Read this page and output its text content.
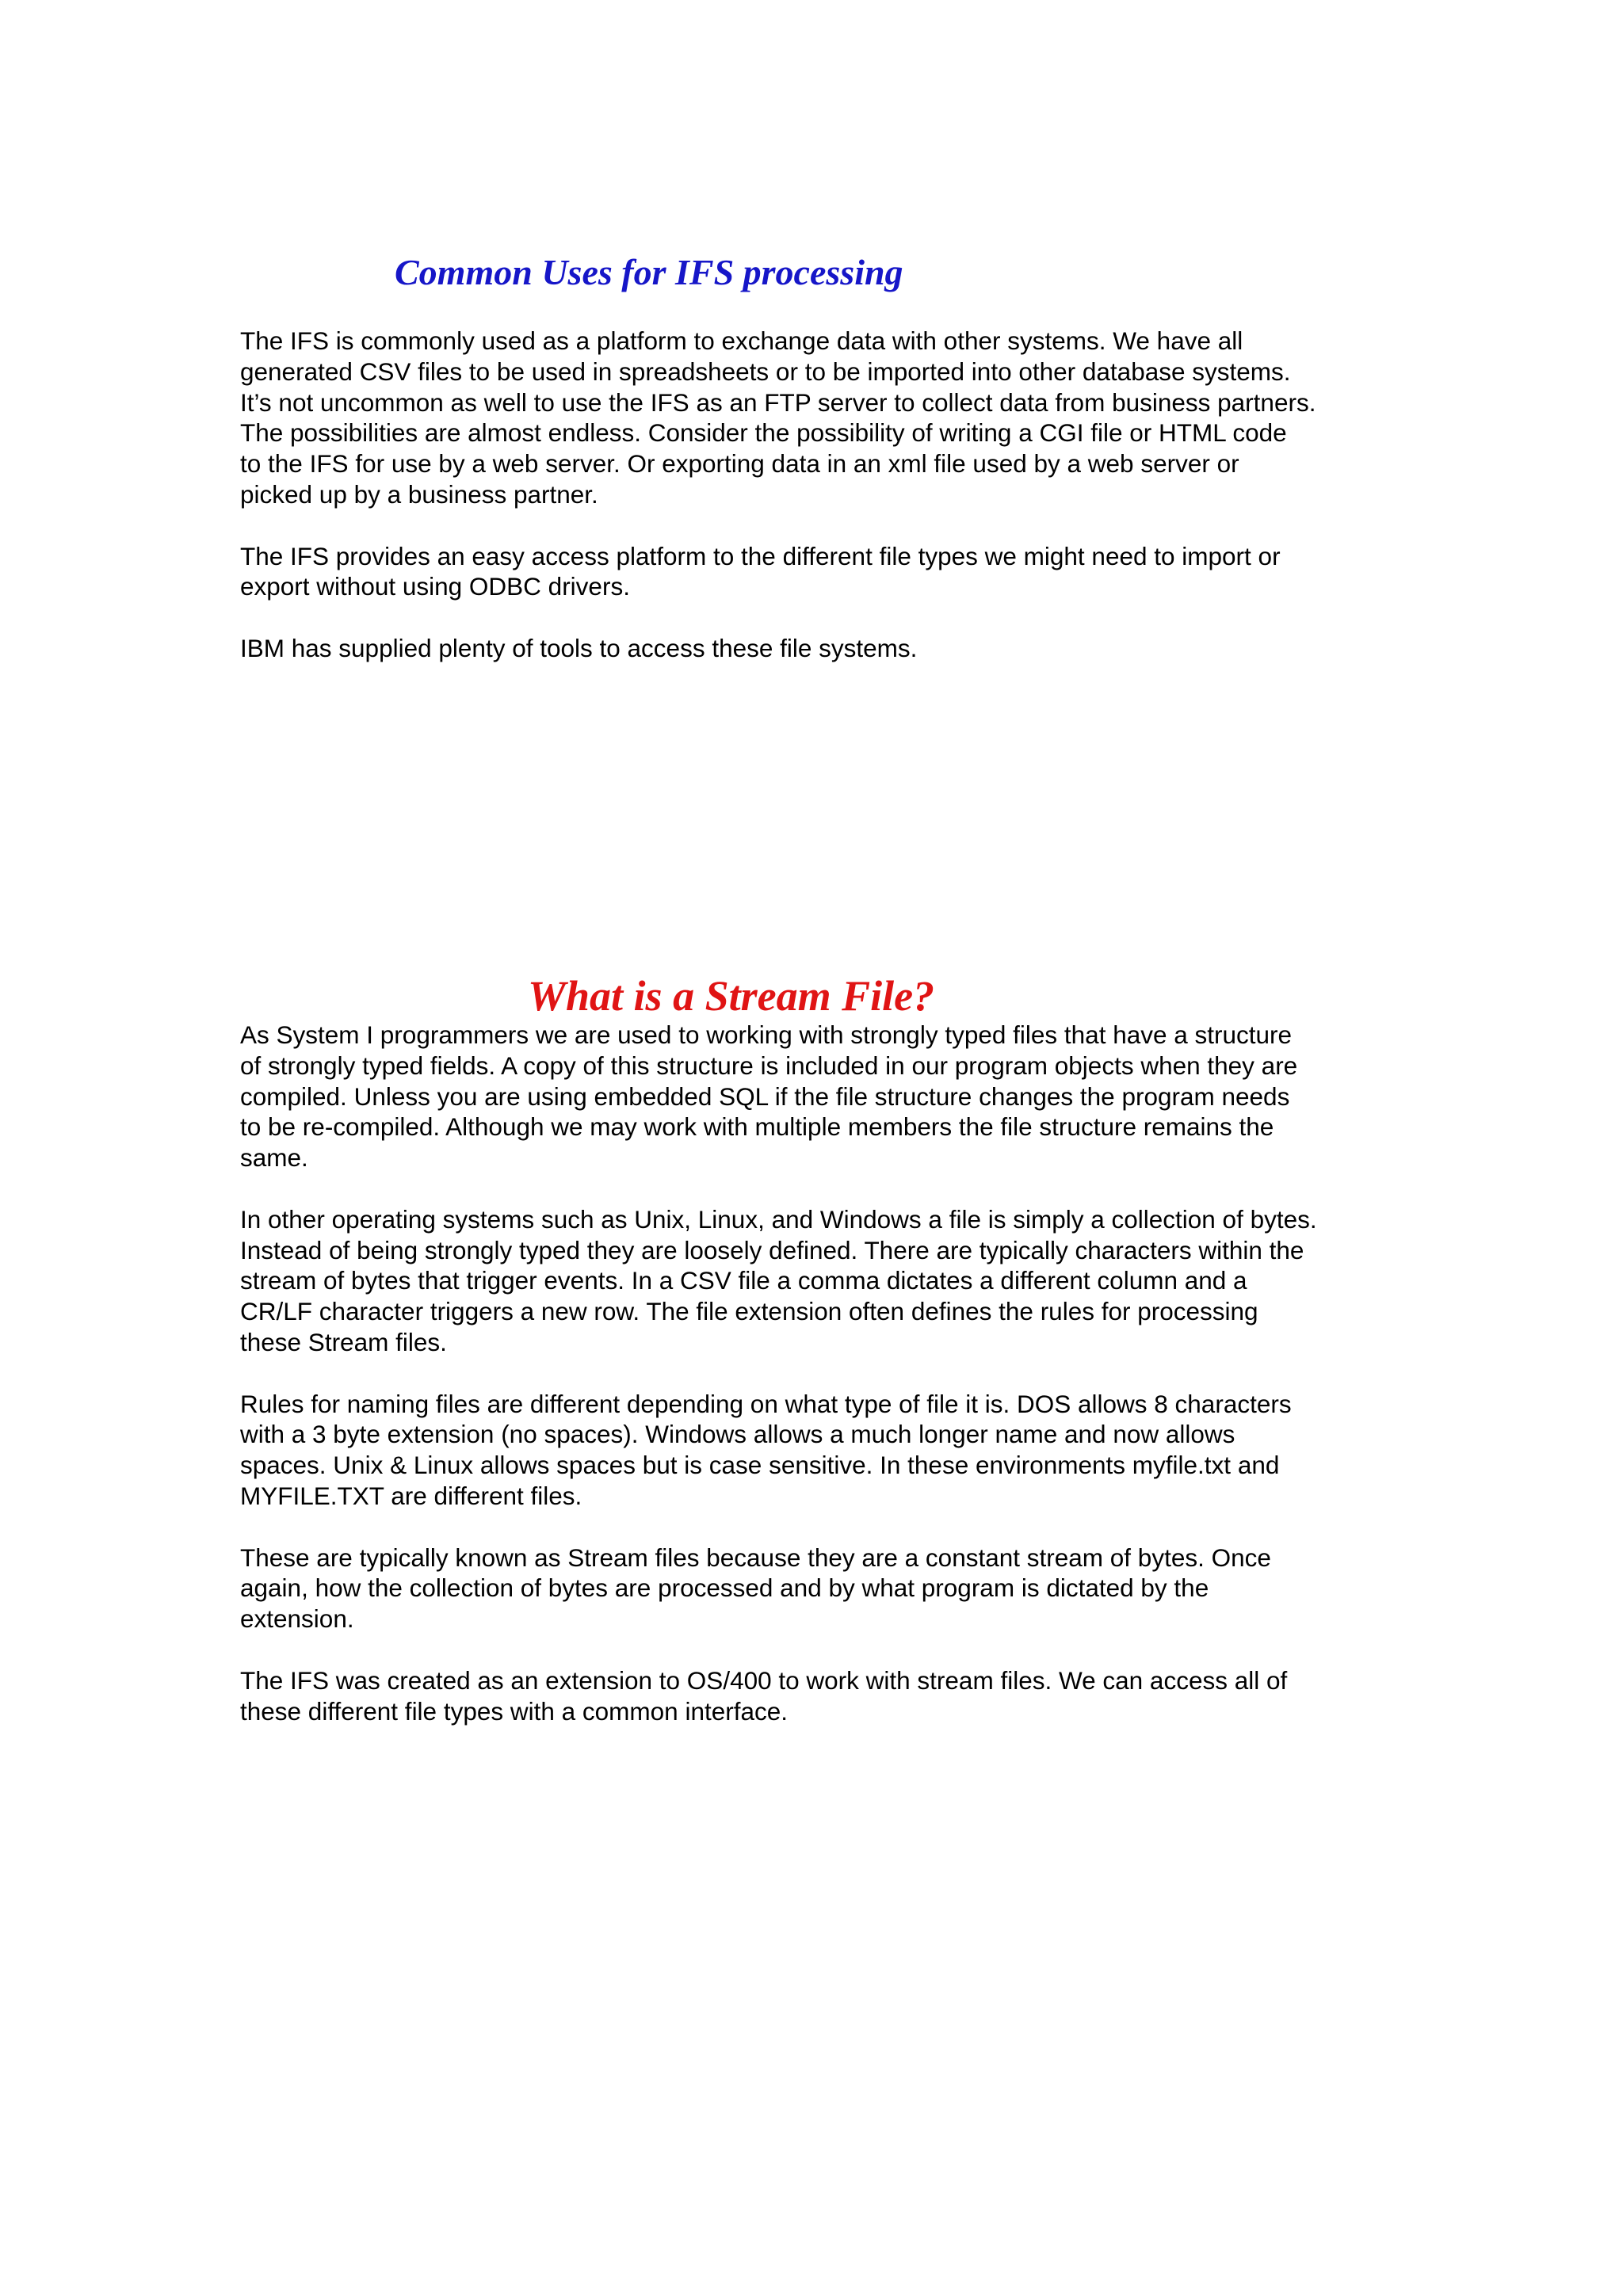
Common Uses for IFS processing

The IFS is commonly used as a platform to exchange data with other systems. We have all
generated CSV files to be used in spreadsheets or to be imported into other database systems.
It’s not uncommon as well to use the IFS as an FTP server to collect data from business partners.
The possibilities are almost endless. Consider the possibility of writing a CGI file or HTML code
to the IFS for use by a web server. Or exporting data in an xml file used by a web server or
picked up by a business partner.

The IFS provides an easy access platform to the different file types we might need to import or
export without using ODBC drivers.

IBM has supplied plenty of tools to access these file systems.

What is a Stream File?

As System I programmers we are used to working with strongly typed files that have a structure
of strongly typed fields. A copy of this structure is included in our program objects when they are
compiled. Unless you are using embedded SQL if the file structure changes the program needs
to be re-compiled. Although we may work with multiple members the file structure remains the
same.

In other operating systems such as Unix, Linux, and Windows a file is simply a collection of bytes.
Instead of being strongly typed they are loosely defined. There are typically characters within the
stream of bytes that trigger events. In a CSV file a comma dictates a different column and a
CR/LF character triggers a new row. The file extension often defines the rules for processing
these Stream files.

Rules for naming files are different depending on what type of file it is. DOS allows 8 characters
with a 3 byte extension (no spaces). Windows allows a much longer name and now allows
spaces. Unix & Linux allows spaces but is case sensitive. In these environments myfile.txt and
MYFILE.TXT are different files.

These are typically known as Stream files because they are a constant stream of bytes. Once
again, how the collection of bytes are processed and by what program is dictated by the
extension.

The IFS was created as an extension to OS/400 to work with stream files. We can access all of
these different file types with a common interface.
